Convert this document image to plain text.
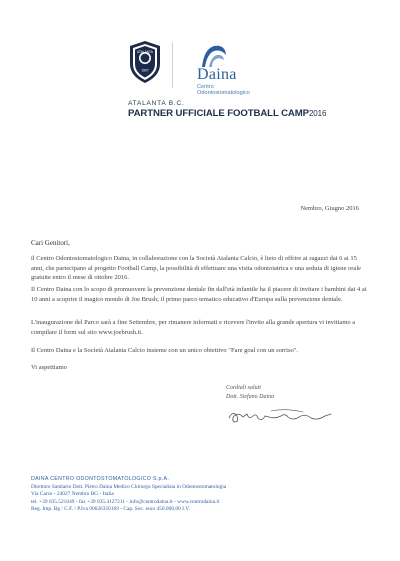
ATALANTA
1907	Daina
Centro
Odontostomatologico
ATALANTA B.C.
PARTNER UFFICIALE FOOTBALL CAMP2016
Nembro, Giugno 2016
Cari Genitori,

il Centro Odontostomatologico Daina, in collaborazione con la Società Atalanta Calcio, è lieto di offrire ai ragazzi dai 6 ai 15 anni, che partecipano al progetto Football Camp, la possibilità di effettuare una visita odontoiatrica e una seduta di igiene orale gratuite entro il mese di ottobre 2016.

Il Centro Daina con lo scopo di promuovere la prevenzione dentale fin dall'età infantile ha il piacere di invitare i bambini dai 4 ai 10 anni a scoprire il magico mondo di Joe Brush; il primo parco tematico educativo d'Europa sulla prevenzione dentale.

L'inaugurazione del Parco sarà a fine Settembre, per rimanere informati e ricevere l'invito alla grande apertura vi invitiamo a compilare il form sul sito www.joebrush.it.

Il Centro Daina e la Società Atalanta Calcio insieme con un unico obiettivo "Fare goal con un sorriso".

Vi aspettiamo

Cordiali saluti
Dott. Stefano Daina
DAINA CENTRO ODONTOSTOMATOLOGICO S.p.A.
Direttore Sanitario Dott. Pietro Daina Medico Chirurgo Specialista in Odontostomatologia
Via Carso - 24027 Nembro BG - Italia
tel. +39 035.521049 - fax +39 035.4127211 - info@centrodaina.it - www.centrodaina.it
Reg. Imp. Bg / C.F. / P.Iva 00626350169 - Cap. Soc. euro 450.000,00 I.V.
